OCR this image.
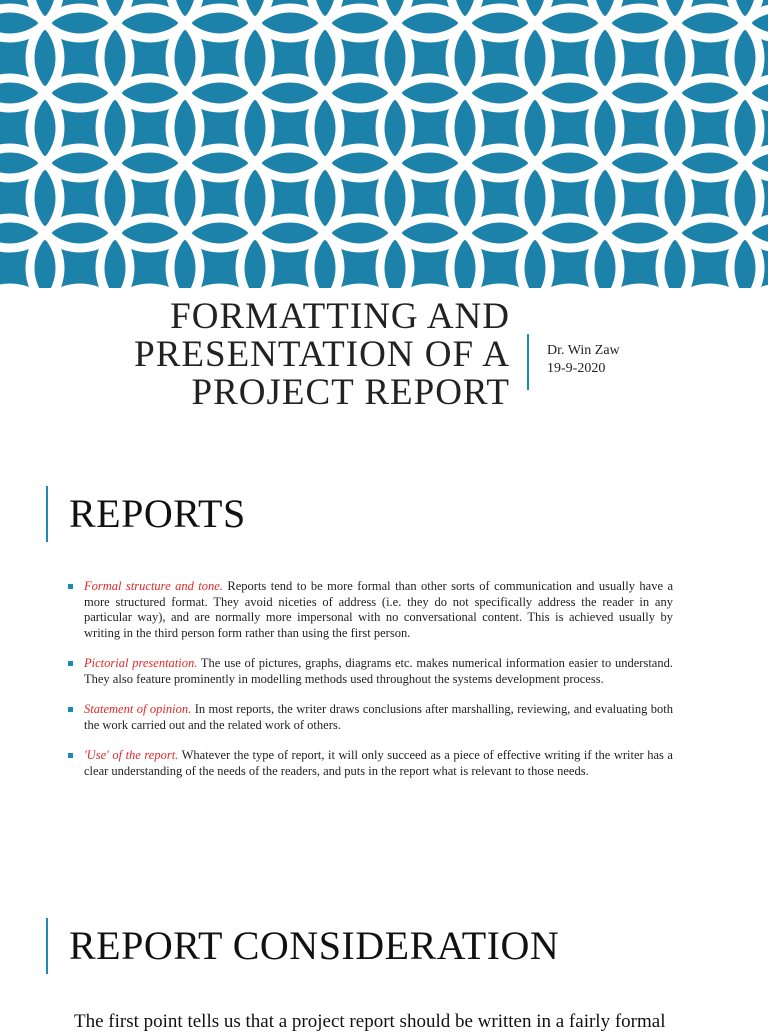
FORMATTING AND
PRESENTATION OF A
PROJECT REPORT
Dr. Win Zaw
19-9-2020
REPORTS
Formal structure and tone. Reports tend to be more formal than other sorts of communication and usually have a more structured format. They avoid niceties of address (i.e. they do not specifically address the reader in any particular way), and are normally more impersonal with no conversational content. This is achieved usually by writing in the third person form rather than using the first person.
Pictorial presentation. The use of pictures, graphs, diagrams etc. makes numerical information easier to understand. They also feature prominently in modelling methods used throughout the systems development process.
Statement of opinion. In most reports, the writer draws conclusions after marshalling, reviewing, and evaluating both the work carried out and the related work of others.
'Use' of the report. Whatever the type of report, it will only succeed as a piece of effective writing if the writer has a clear understanding of the needs of the readers, and puts in the report what is relevant to those needs.
REPORT CONSIDERATION
The first point tells us that a project report should be written in a fairly formal
